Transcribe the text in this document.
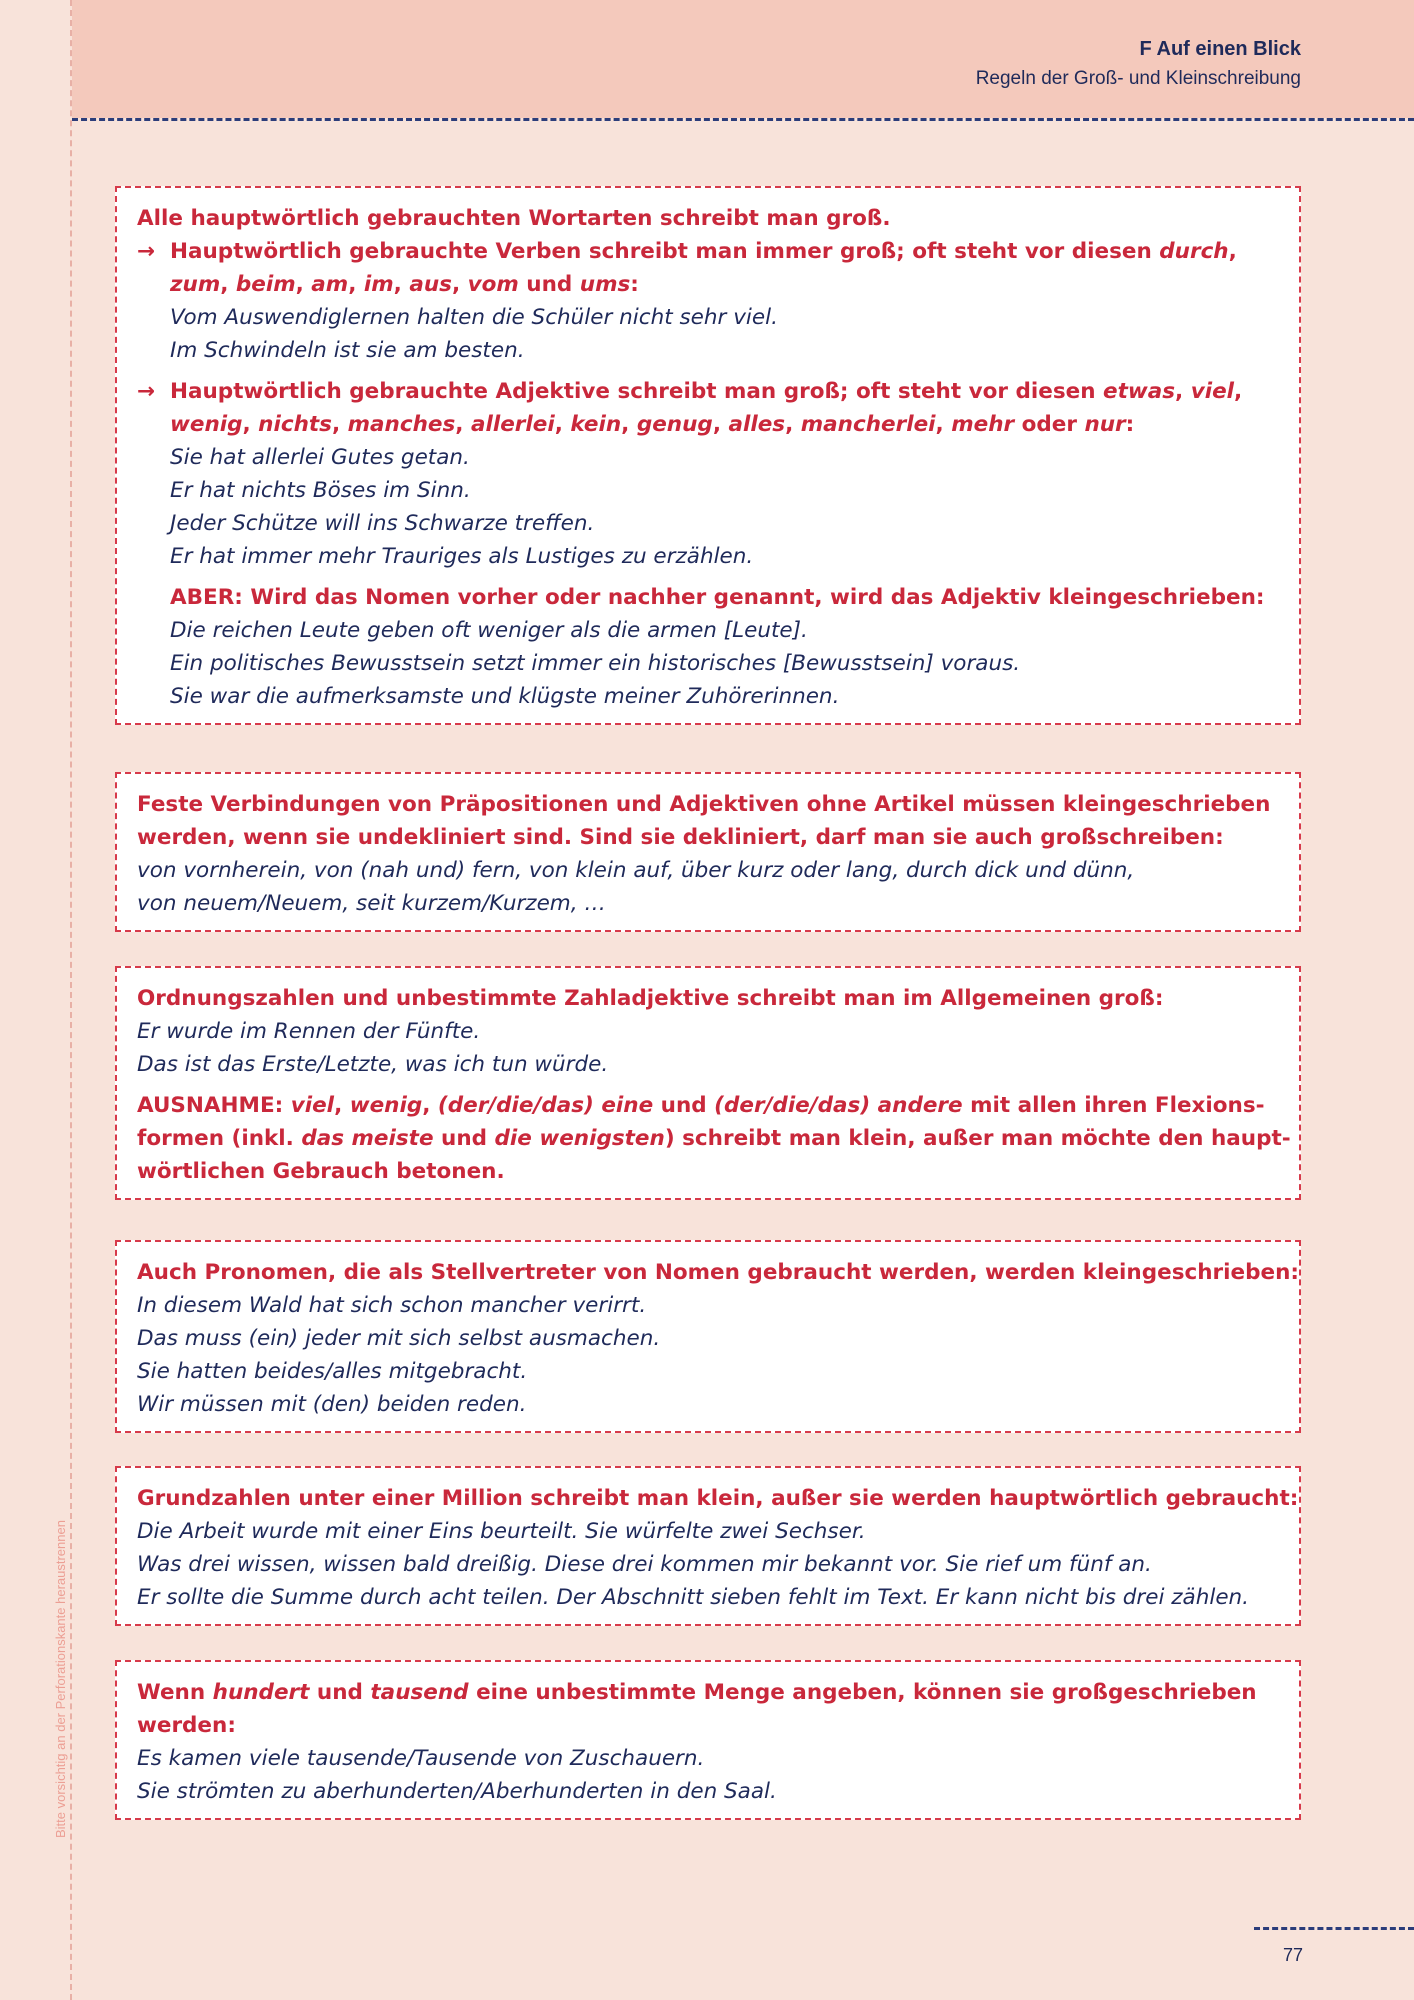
Bitte vorsichtig an der Perforationskante heraustrennen
F Auf einen Blick
Regeln der Groß- und Kleinschreibung

Alle hauptwörtlich gebrauchten Wortarten schreibt man groß.

→ Hauptwörtlich gebrauchte Verben schreibt man immer groß; oft steht vor diesen durch,

zum, beim, am, im, aus, vom und ums:

Vom Auswendiglernen halten die Schüler nicht sehr viel.

Im Schwindeln ist sie am besten.

→ Hauptwörtlich gebrauchte Adjektive schreibt man groß; oft steht vor diesen etwas, viel,

wenig, nichts, manches, allerlei, kein, genug, alles, mancherlei, mehr oder nur:

Sie hat allerlei Gutes getan.

Er hat nichts Böses im Sinn.

Jeder Schütze will ins Schwarze treffen.

Er hat immer mehr Trauriges als Lustiges zu erzählen.

ABER: Wird das Nomen vorher oder nachher genannt, wird das Adjektiv kleingeschrieben:

Die reichen Leute geben oft weniger als die armen [Leute].

Ein politisches Bewusstsein setzt immer ein historisches [Bewusstsein] voraus.

Sie war die aufmerksamste und klügste meiner Zuhörerinnen.

Feste Verbindungen von Präpositionen und Adjektiven ohne Artikel müssen kleingeschrieben

werden, wenn sie undekliniert sind. Sind sie dekliniert, darf man sie auch großschreiben:

von vornherein, von (nah und) fern, von klein auf, über kurz oder lang, durch dick und dünn,

von neuem/Neuem, seit kurzem/Kurzem, …

Ordnungszahlen und unbestimmte Zahladjektive schreibt man im Allgemeinen groß:

Er wurde im Rennen der Fünfte.

Das ist das Erste/Letzte, was ich tun würde.

AUSNAHME: viel, wenig, (der/die/das) eine und (der/die/das) andere mit allen ihren Flexions-

formen (inkl. das meiste und die wenigsten) schreibt man klein, außer man möchte den haupt-

wörtlichen Gebrauch betonen.

Auch Pronomen, die als Stellvertreter von Nomen gebraucht werden, werden kleingeschrieben:

In diesem Wald hat sich schon mancher verirrt.

Das muss (ein) jeder mit sich selbst ausmachen.

Sie hatten beides/alles mitgebracht.

Wir müssen mit (den) beiden reden.

Grundzahlen unter einer Million schreibt man klein, außer sie werden hauptwörtlich gebraucht:

Die Arbeit wurde mit einer Eins beurteilt. Sie würfelte zwei Sechser.

Was drei wissen, wissen bald dreißig. Diese drei kommen mir bekannt vor. Sie rief um fünf an.

Er sollte die Summe durch acht teilen. Der Abschnitt sieben fehlt im Text. Er kann nicht bis drei zählen.

Wenn hundert und tausend eine unbestimmte Menge angeben, können sie großgeschrieben

werden:

Es kamen viele tausende/Tausende von Zuschauern.

Sie strömten zu aberhunderten/Aberhunderten in den Saal.

77
